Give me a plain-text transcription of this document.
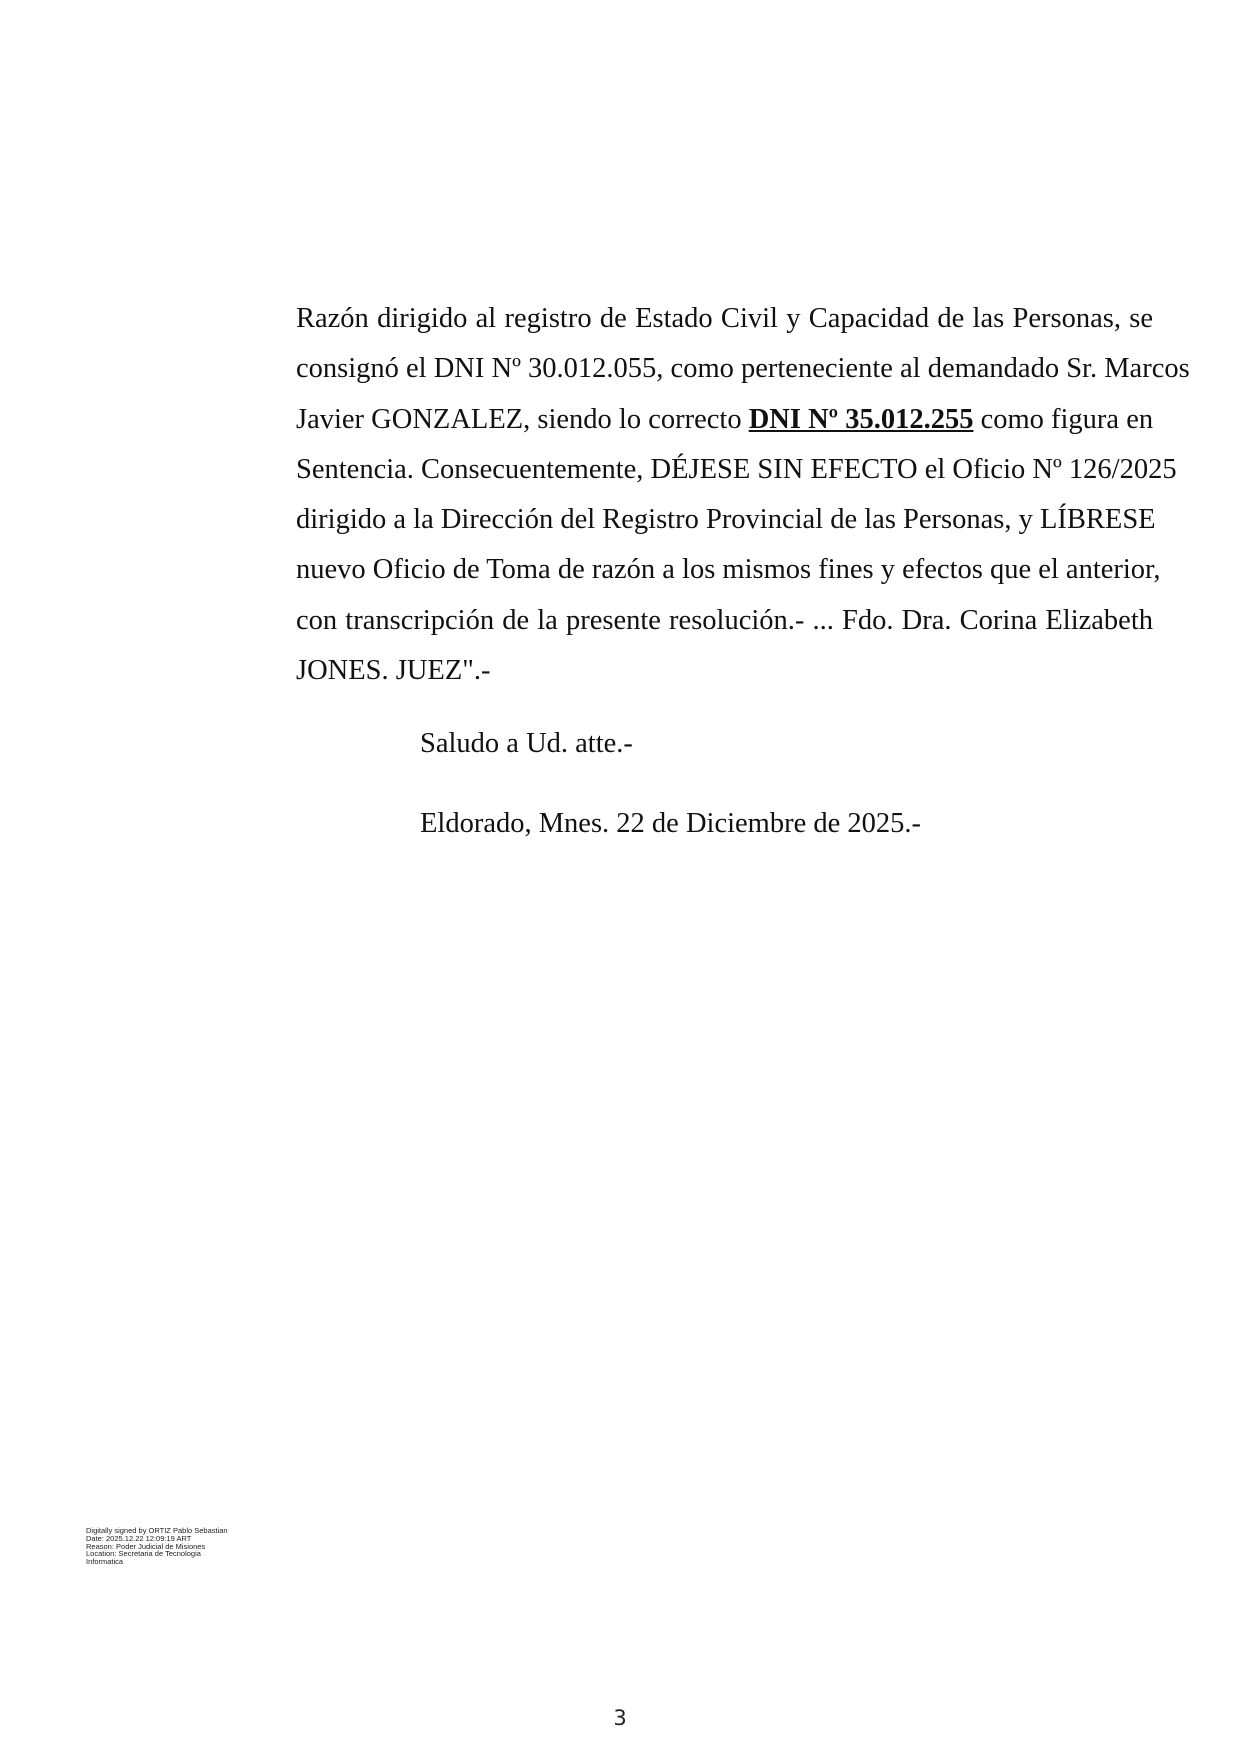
Razón dirigido al registro de Estado Civil y Capacidad de las Personas, se
consignó el DNI Nº 30.012.055, como perteneciente al demandado Sr. Marcos
Javier GONZALEZ, siendo lo correcto DNI Nº 35.012.255 como figura en
Sentencia. Consecuentemente, DÉJESE SIN EFECTO el Oficio Nº 126/2025
dirigido a la Dirección del Registro Provincial de las Personas, y LÍBRESE
nuevo Oficio de Toma de razón a los mismos fines y efectos que el anterior,
con transcripción de la presente resolución.- ... Fdo. Dra. Corina Elizabeth
JONES. JUEZ".-

Saludo a Ud. atte.-

Eldorado, Mnes. 22 de Diciembre de 2025.-

Digitally signed by ORTIZ Pablo Sebastian
Date: 2025.12.22 12:09:19 ART
Reason: Poder Judicial de Misiones
Location: Secretaria de Tecnologia
Informatica

3
